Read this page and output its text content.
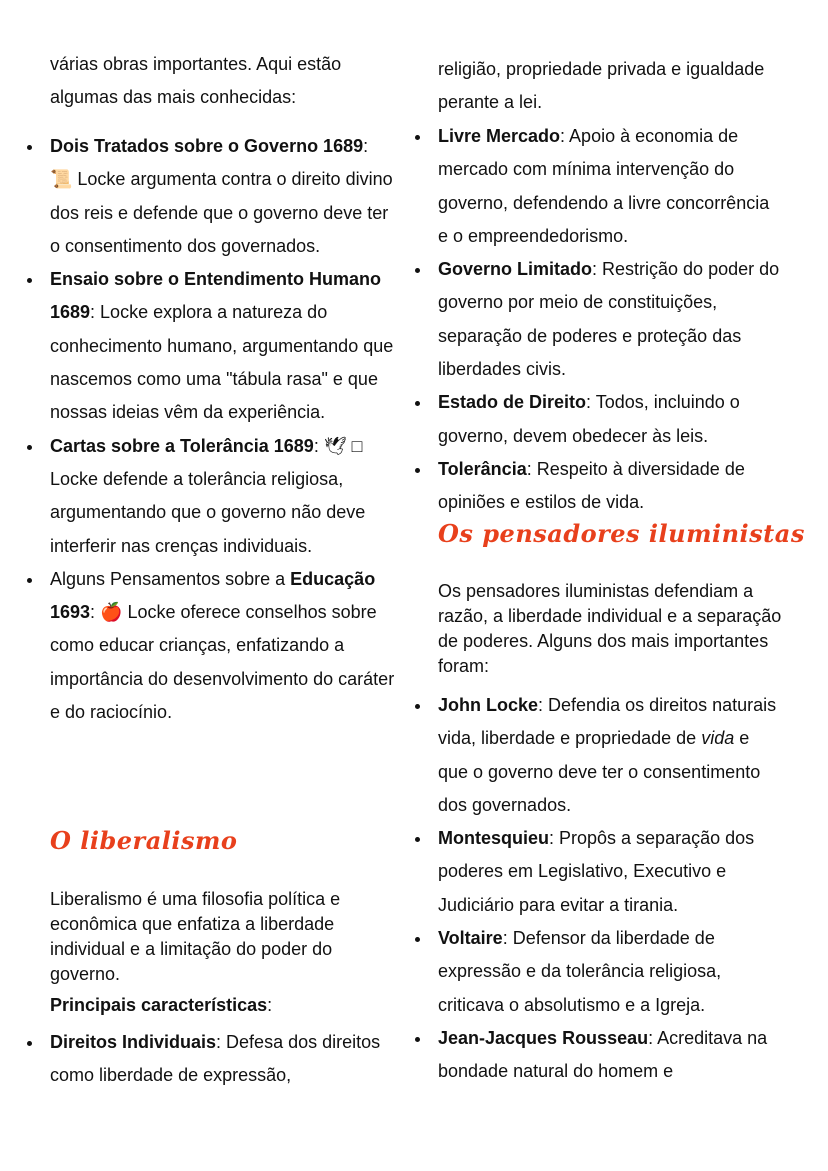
várias obras importantes. Aqui estão algumas das mais conhecidas:
Dois Tratados sobre o Governo 1689: 📜 Locke argumenta contra o direito divino dos reis e defende que o governo deve ter o consentimento dos governados.
Ensaio sobre o Entendimento Humano 1689: Locke explora a natureza do conhecimento humano, argumentando que nascemos como uma "tábula rasa" e que nossas ideias vêm da experiência.
Cartas sobre a Tolerância 1689: 🕊 □ Locke defende a tolerância religiosa, argumentando que o governo não deve interferir nas crenças individuais.
Alguns Pensamentos sobre a Educação 1693: 🍎 Locke oferece conselhos sobre como educar crianças, enfatizando a importância do desenvolvimento do caráter e do raciocínio.
O liberalismo
Liberalismo é uma filosofia política e econômica que enfatiza a liberdade individual e a limitação do poder do governo.
Principais características:
Direitos Individuais: Defesa dos direitos como liberdade de expressão,
religião, propriedade privada e igualdade perante a lei.
Livre Mercado: Apoio à economia de mercado com mínima intervenção do governo, defendendo a livre concorrência e o empreendedorismo.
Governo Limitado: Restrição do poder do governo por meio de constituições, separação de poderes e proteção das liberdades civis.
Estado de Direito: Todos, incluindo o governo, devem obedecer às leis.
Tolerância: Respeito à diversidade de opiniões e estilos de vida.
Os pensadores iluministas
Os pensadores iluministas defendiam a razão, a liberdade individual e a separação de poderes. Alguns dos mais importantes foram:
John Locke: Defendia os direitos naturais vida, liberdade e propriedade de vida e que o governo deve ter o consentimento dos governados.
Montesquieu: Propôs a separação dos poderes em Legislativo, Executivo e Judiciário para evitar a tirania.
Voltaire: Defensor da liberdade de expressão e da tolerância religiosa, criticava o absolutismo e a Igreja.
Jean-Jacques Rousseau: Acreditava na bondade natural do homem e
